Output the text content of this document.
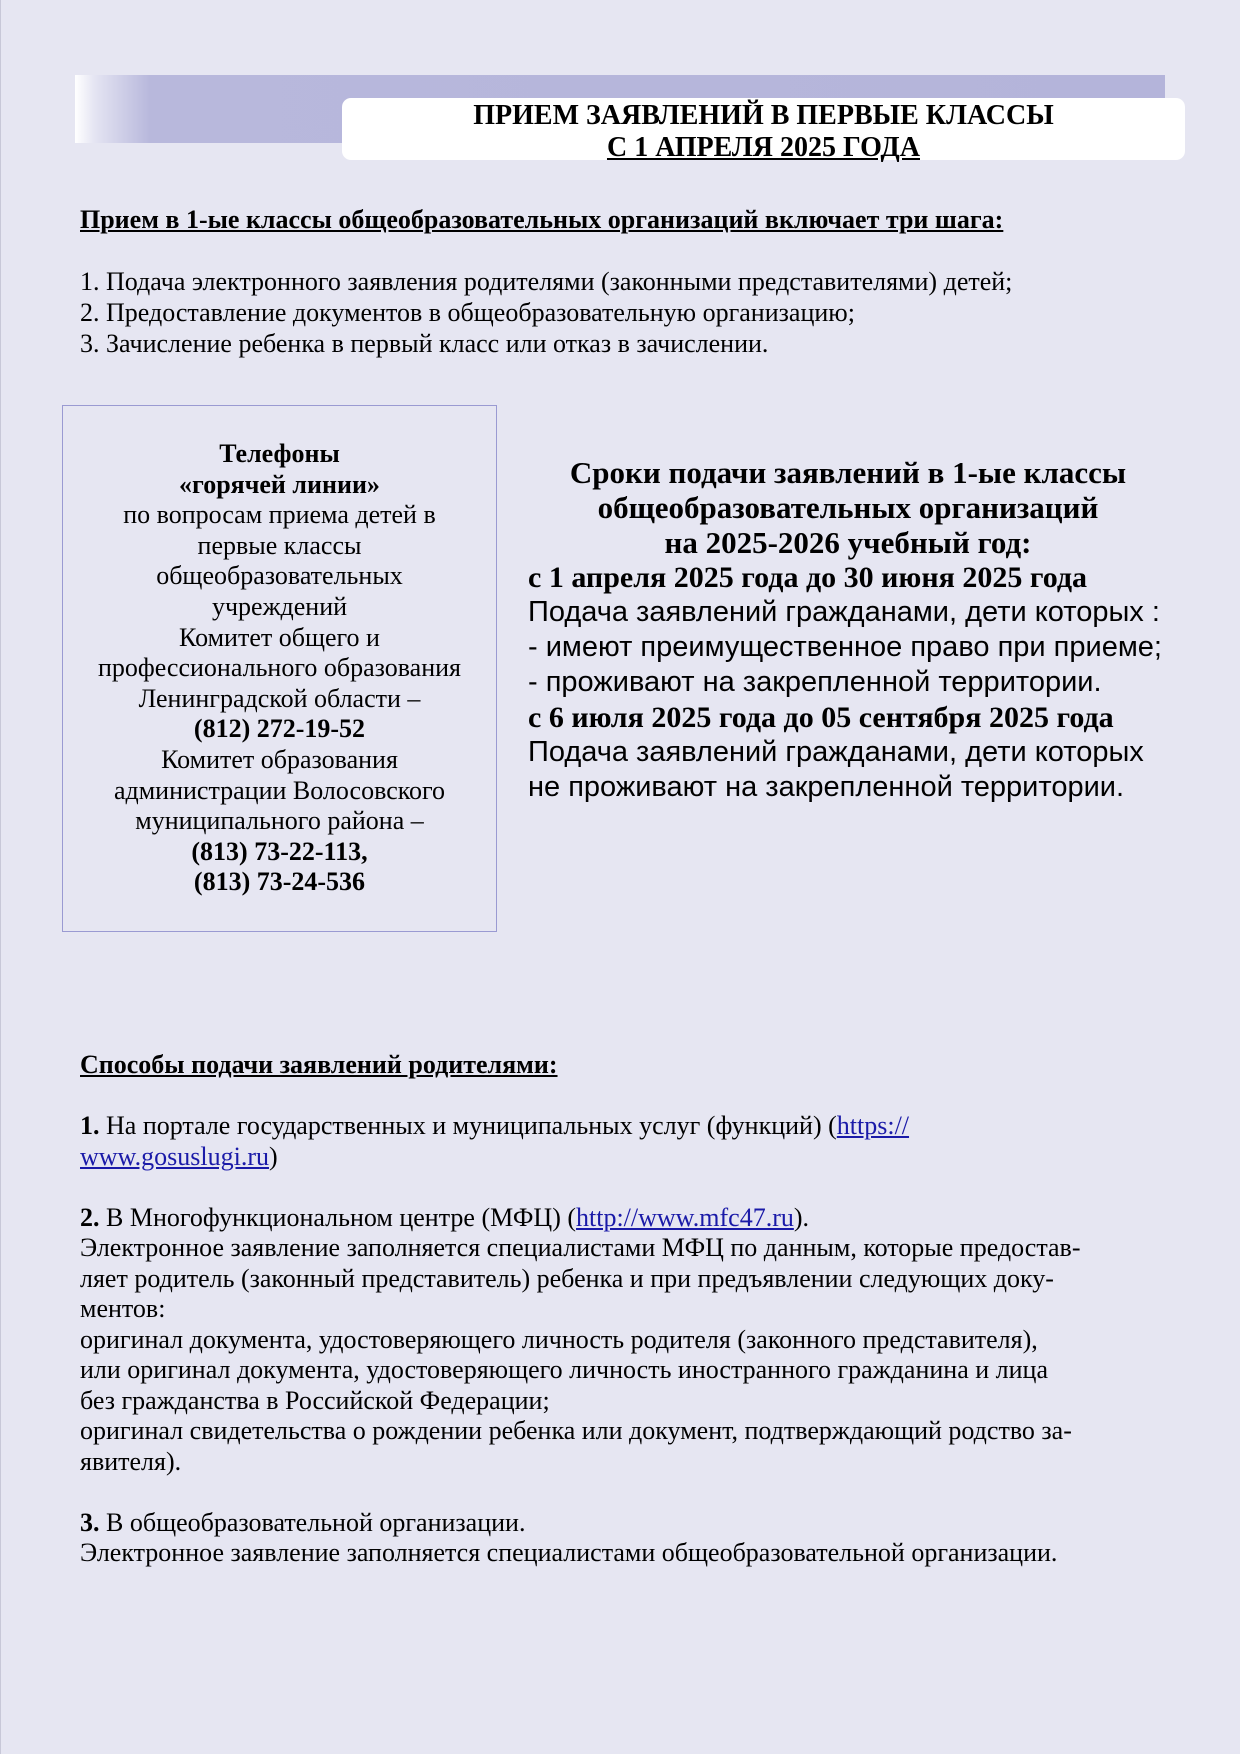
ПРИЕМ ЗАЯВЛЕНИЙ В ПЕРВЫЕ КЛАССЫ
С 1 АПРЕЛЯ 2025 ГОДА
Прием в 1-ые классы общеобразовательных организаций включает три шага:
1. Подача электронного заявления родителями (законными представителями) детей;
2. Предоставление документов в общеобразовательную организацию;
3. Зачисление ребенка в первый класс или отказ в зачислении.
Телефоны
«горячей линии»
по вопросам приема детей в
первые классы
общеобразовательных
учреждений
Комитет общего и
профессионального образования
Ленинградской области –
(812) 272-19-52
Комитет образования
администрации Волосовского
муниципального района –
(813) 73-22-113,
(813) 73-24-536
Сроки подачи заявлений в 1-ые классы
общеобразовательных организаций
на 2025-2026 учебный год:
с 1 апреля 2025 года до 30 июня 2025 года
Подача заявлений гражданами, дети которых :
- имеют преимущественное право при приеме;
- проживают на закрепленной территории.
с 6 июля 2025 года до 05 сентября 2025 года
Подача заявлений гражданами, дети которых
не проживают на закрепленной территории.
Способы подачи заявлений родителями:

1. На портале государственных и муниципальных услуг (функций) (https://
www.gosuslugi.ru)

2. В Многофункциональном центре (МФЦ) (http://www.mfc47.ru).

Электронное заявление заполняется специалистами МФЦ по данным, которые предостав-

ляет родитель (законный представитель) ребенка и при предъявлении следующих доку-

ментов:

оригинал документа, удостоверяющего личность родителя (законного представителя),

или оригинал документа, удостоверяющего личность иностранного гражданина и лица

без гражданства в Российской Федерации;

оригинал свидетельства о рождении ребенка или документ, подтверждающий родство за-

явителя).

3. В общеобразовательной организации.

Электронное заявление заполняется специалистами общеобразовательной организации.
